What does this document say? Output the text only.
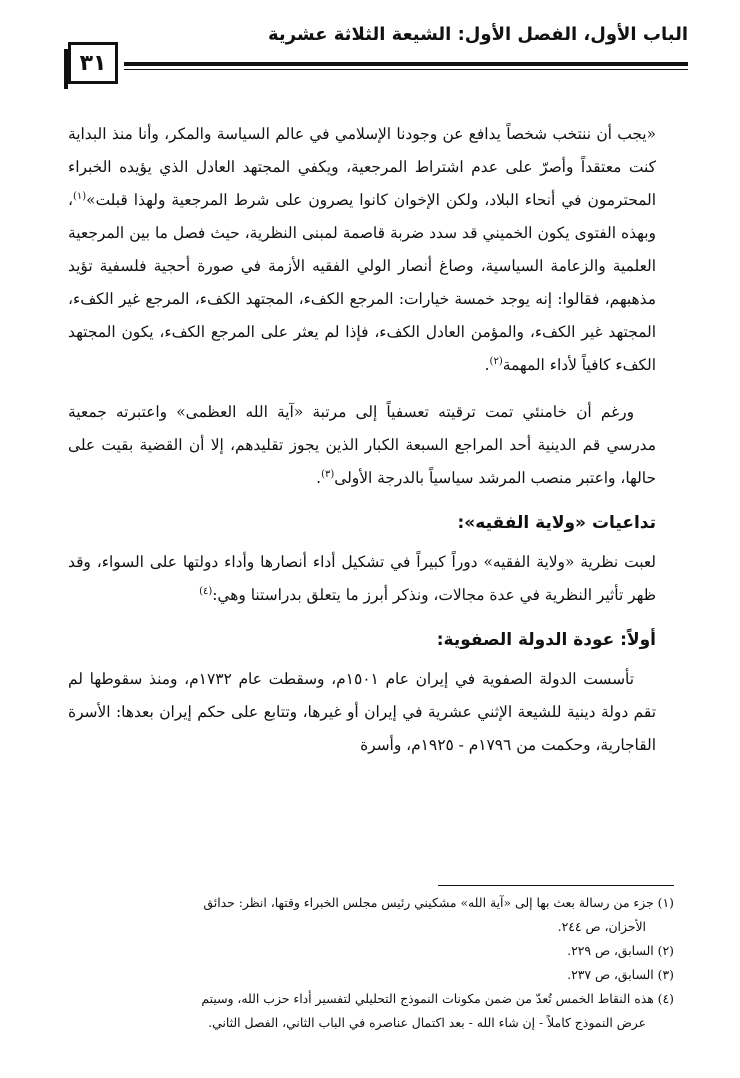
الباب الأول، الفصل الأول: الشيعة الثلاثة عشرية
٣١

«يجب أن ننتخب شخصاً يدافع عن وجودنا الإسلامي في عالم السياسة والمكر، وأنا منذ البداية كنت معتقداً وأصرّ على عدم اشتراط المرجعية، ويكفي المجتهد العادل الذي يؤيده الخبراء المحترمون في أنحاء البلاد، ولكن الإخوان كانوا يصرون على شرط المرجعية ولهذا قبلت»$^{(١)}$، وبهذه الفتوى يكون الخميني قد سدد ضربة قاصمة لمبنى النظرية، حيث فصل ما بين المرجعية العلمية والزعامة السياسية، وصاغ أنصار الولي الفقيه الأزمة في صورة أحجية فلسفية تؤيد مذهبهم، فقالوا: إنه يوجد خمسة خيارات: المرجع الكفء، المجتهد الكفء، المرجع غير الكفء، المجتهد غير الكفء، والمؤمن العادل الكفء، فإذا لم يعثر على المرجع الكفء، يكون المجتهد الكفء كافياً لأداء المهمة$^{(٢)}$.

ورغم أن خامنئي تمت ترقيته تعسفياً إلى مرتبة «آية الله العظمى» واعتبرته جمعية مدرسي قم الدينية أحد المراجع السبعة الكبار الذين يجوز تقليدهم، إلا أن القضية بقيت على حالها، واعتبر منصب المرشد سياسياً بالدرجة الأولى$^{(٣)}$.

تداعيات «ولاية الفقيه»:

لعبت نظرية «ولاية الفقيه» دوراً كبيراً في تشكيل أداء أنصارها وأداء دولتها على السواء، وقد ظهر تأثير النظرية في عدة مجالات، ونذكر أبرز ما يتعلق بدراستنا وهي:$^{(٤)}$

أولاً: عودة الدولة الصفوية:

تأسست الدولة الصفوية في إيران عام ١٥٠١م، وسقطت عام ١٧٣٢م، ومنذ سقوطها لم تقم دولة دينية للشيعة الإثني عشرية في إيران أو غيرها، وتتابع على حكم إيران بعدها: الأسرة القاجارية، وحكمت من ١٧٩٦م - ١٩٢٥م، وأسرة

(١) جزء من رسالة بعث بها إلى «آية الله» مشكيني رئيس مجلس الخبراء وقتها، انظر: حدائق

الأحزان، ص ٢٤٤.

(٢) السابق، ص ٢٢٩.

(٣) السابق، ص ٢٣٧.

(٤) هذه النقاط الخمس تُعدّ من ضمن مكونات النموذج التحليلي لتفسير أداء حزب الله، وسيتم

عرض النموذج كاملاً - إن شاء الله - بعد اكتمال عناصره في الباب الثاني، الفصل الثاني.
